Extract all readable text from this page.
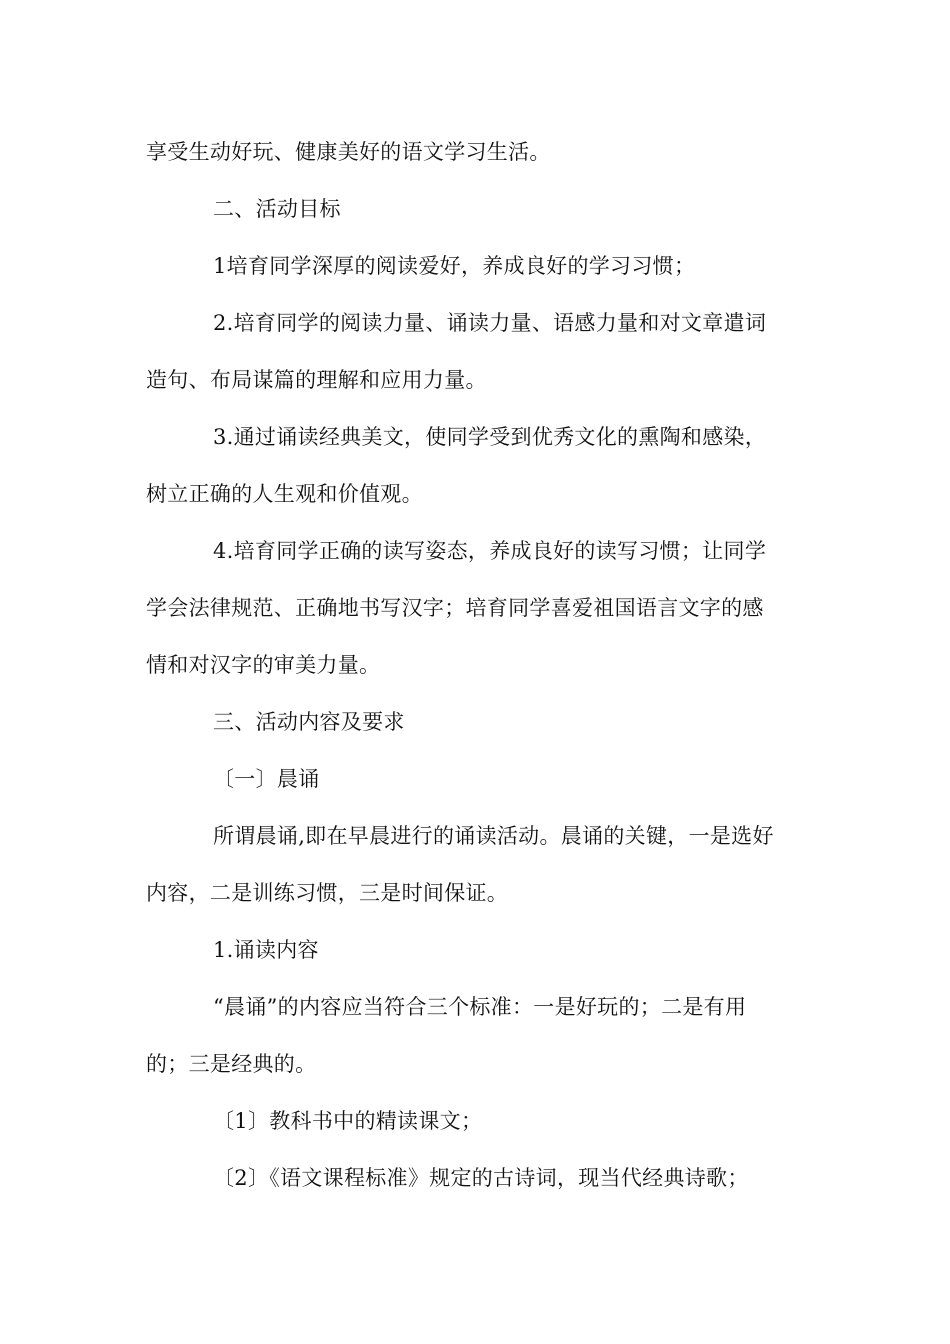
享受生动好玩、健康美好的语文学习生活。
二、活动目标
1培育同学深厚的阅读爱好，养成良好的学习习惯；
2.培育同学的阅读力量、诵读力量、语感力量和对文章遣词
造句、布局谋篇的理解和应用力量。
3.通过诵读经典美文，使同学受到优秀文化的熏陶和感染，
树立正确的人生观和价值观。
4.培育同学正确的读写姿态，养成良好的读写习惯；让同学
学会法律规范、正确地书写汉字；培育同学喜爱祖国语言文字的感
情和对汉字的审美力量。
三、活动内容及要求
〔一〕晨诵
所谓晨诵,即在早晨进行的诵读活动。晨诵的关键，一是选好
内容，二是训练习惯，三是时间保证。
1.诵读内容
“晨诵”的内容应当符合三个标准：一是好玩的；二是有用
的；三是经典的。
〔1〕教科书中的精读课文；
〔2〕《语文课程标准》规定的古诗词，现当代经典诗歌；
